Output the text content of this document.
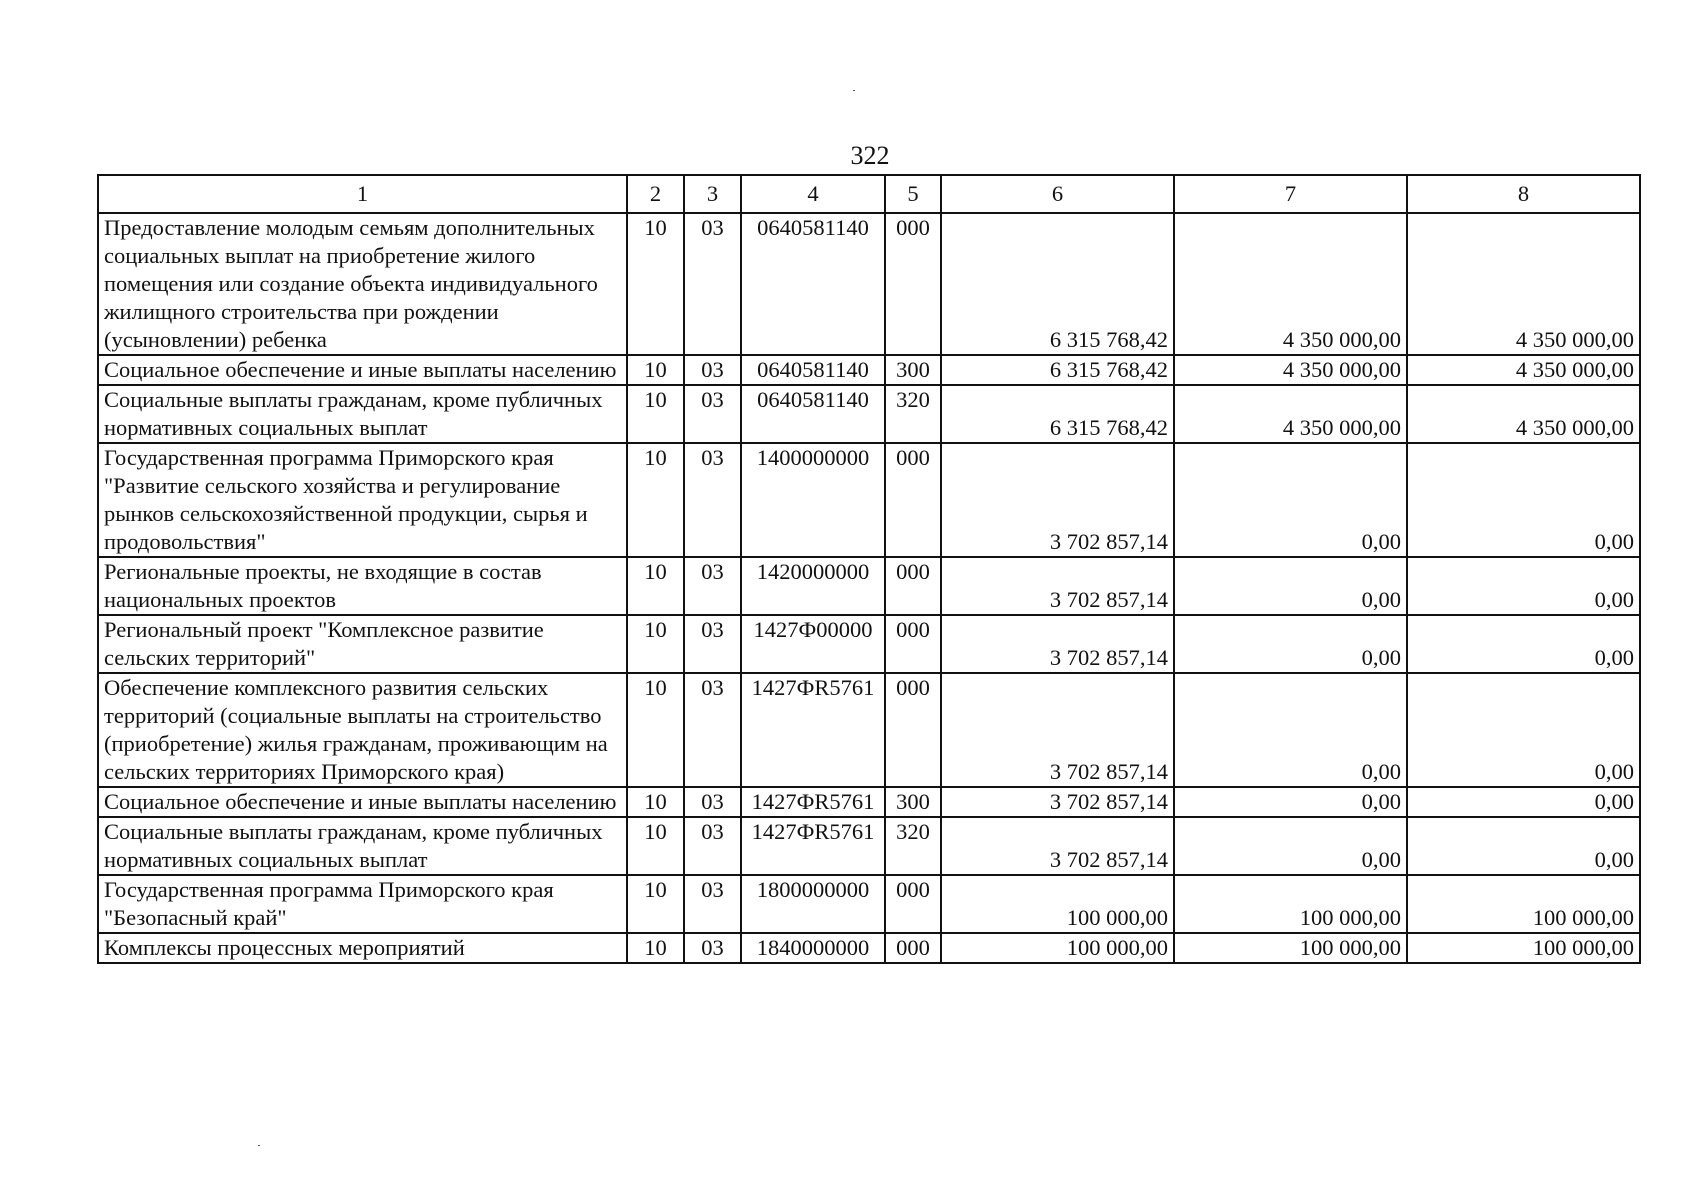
322
1	2	3	4	5	6	7	8
Предоставление молодым семьям дополнительных социальных выплат на приобретение жилого помещения или создание объекта индивидуального жилищного строительства при рождении (усыновлении) ребенка	10	03	0640581140	000	6 315 768,42	4 350 000,00	4 350 000,00
Социальное обеспечение и иные выплаты населению	10	03	0640581140	300	6 315 768,42	4 350 000,00	4 350 000,00
Социальные выплаты гражданам, кроме публичных нормативных социальных выплат	10	03	0640581140	320	6 315 768,42	4 350 000,00	4 350 000,00
Государственная программа Приморского края "Развитие сельского хозяйства и регулирование рынков сельскохозяйственной продукции, сырья и продовольствия"	10	03	1400000000	000	3 702 857,14	0,00	0,00
Региональные проекты, не входящие в состав национальных проектов	10	03	1420000000	000	3 702 857,14	0,00	0,00
Региональный проект "Комплексное развитие сельских территорий"	10	03	1427Ф00000	000	3 702 857,14	0,00	0,00
Обеспечение комплексного развития сельских территорий (социальные выплаты на строительство (приобретение) жилья гражданам, проживающим на сельских территориях Приморского края)	10	03	1427ФR5761	000	3 702 857,14	0,00	0,00
Социальное обеспечение и иные выплаты населению	10	03	1427ФR5761	300	3 702 857,14	0,00	0,00
Социальные выплаты гражданам, кроме публичных нормативных социальных выплат	10	03	1427ФR5761	320	3 702 857,14	0,00	0,00
Государственная программа Приморского края "Безопасный край"	10	03	1800000000	000	100 000,00	100 000,00	100 000,00
Комплексы процессных мероприятий	10	03	1840000000	000	100 000,00	100 000,00	100 000,00
